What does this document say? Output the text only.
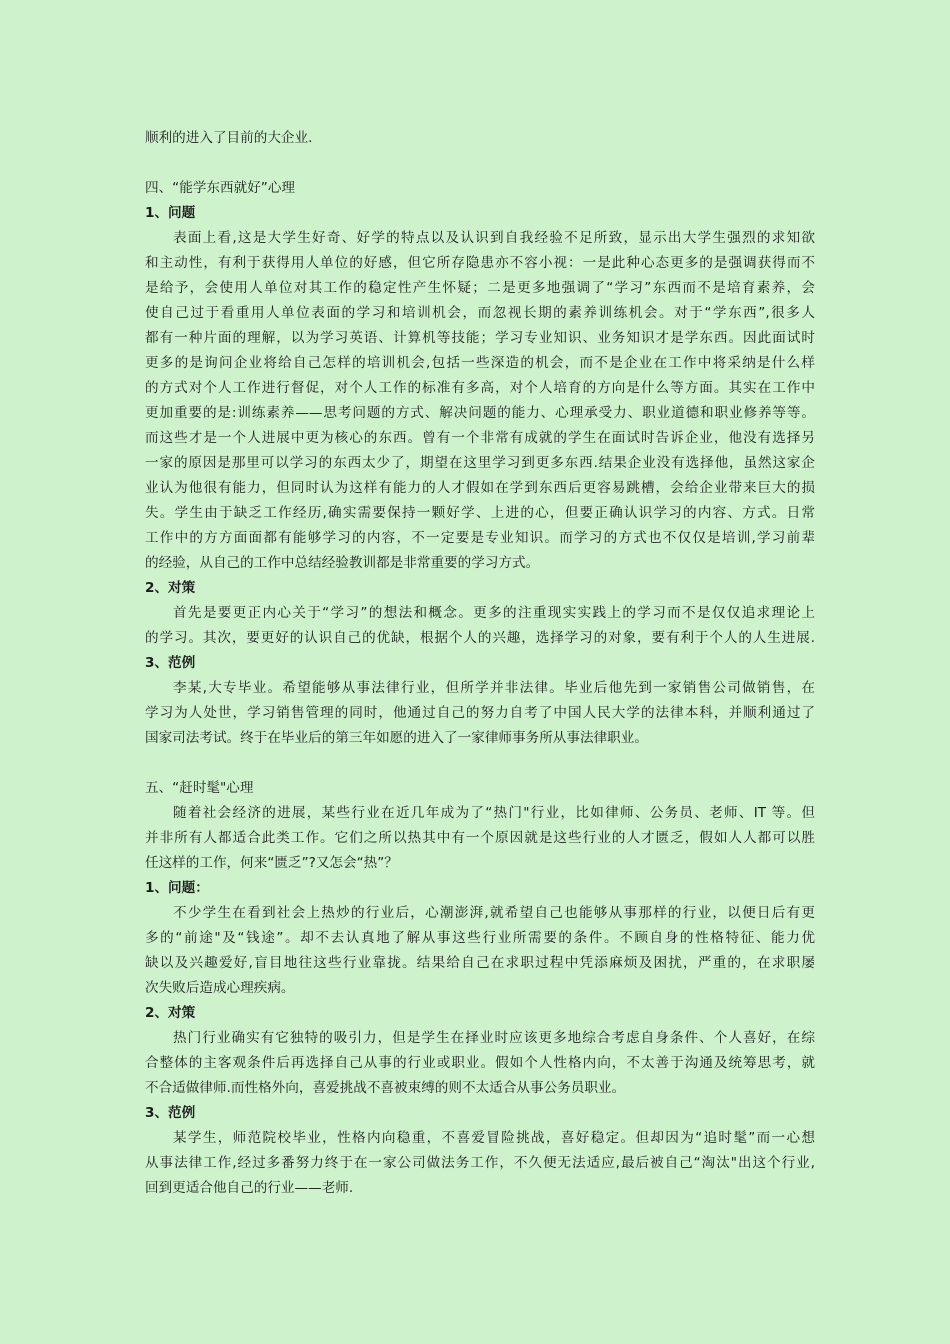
顺利的进入了目前的大企业.
四、“能学东西就好”心理
1、问题
表面上看,这是大学生好奇、好学的特点以及认识到自我经验不足所致，显示出大学生强烈的求知欲
和主动性，有利于获得用人单位的好感，但它所存隐患亦不容小视：一是此种心态更多的是强调获得而不
是给予，会使用人单位对其工作的稳定性产生怀疑；二是更多地强调了“学习”东西而不是培育素养，会
使自己过于看重用人单位表面的学习和培训机会，而忽视长期的素养训练机会。对于“学东西”,很多人
都有一种片面的理解，以为学习英语、计算机等技能；学习专业知识、业务知识才是学东西。因此面试时
更多的是询问企业将给自己怎样的培训机会,包括一些深造的机会，而不是企业在工作中将采纳是什么样
的方式对个人工作进行督促，对个人工作的标准有多高，对个人培育的方向是什么等方面。其实在工作中
更加重要的是:训练素养——思考问题的方式、解决问题的能力、心理承受力、职业道德和职业修养等等。
而这些才是一个人进展中更为核心的东西。曾有一个非常有成就的学生在面试时告诉企业，他没有选择另
一家的原因是那里可以学习的东西太少了，期望在这里学习到更多东西.结果企业没有选择他，虽然这家企
业认为他很有能力，但同时认为这样有能力的人才假如在学到东西后更容易跳槽，会给企业带来巨大的损
失。学生由于缺乏工作经历,确实需要保持一颗好学、上进的心，但要正确认识学习的内容、方式。日常
工作中的方方面面都有能够学习的内容，不一定要是专业知识。而学习的方式也不仅仅是培训,学习前辈
的经验，从自己的工作中总结经验教训都是非常重要的学习方式。
2、对策
首先是要更正内心关于“学习”的想法和概念。更多的注重现实实践上的学习而不是仅仅追求理论上
的学习。其次，要更好的认识自己的优缺，根据个人的兴趣，选择学习的对象，要有利于个人的人生进展.
3、范例
李某,大专毕业。希望能够从事法律行业，但所学并非法律。毕业后他先到一家销售公司做销售，在
学习为人处世，学习销售管理的同时，他通过自己的努力自考了中国人民大学的法律本科，并顺利通过了
国家司法考试。终于在毕业后的第三年如愿的进入了一家律师事务所从事法律职业。
五、“赶时髦"心理
随着社会经济的进展，某些行业在近几年成为了“热门"行业，比如律师、公务员、老师、IT 等。但
并非所有人都适合此类工作。它们之所以热其中有一个原因就是这些行业的人才匮乏，假如人人都可以胜
任这样的工作，何来“匮乏”?又怎会“热”？
1、问题：
不少学生在看到社会上热炒的行业后，心潮澎湃,就希望自己也能够从事那样的行业，以便日后有更
多的“前途"及“钱途”。却不去认真地了解从事这些行业所需要的条件。不顾自身的性格特征、能力优
缺以及兴趣爱好,盲目地往这些行业靠拢。结果给自己在求职过程中凭添麻烦及困扰，严重的，在求职屡
次失败后造成心理疾病。
2、对策
热门行业确实有它独特的吸引力，但是学生在择业时应该更多地综合考虑自身条件、个人喜好，在综
合整体的主客观条件后再选择自己从事的行业或职业。假如个人性格内向，不太善于沟通及统筹思考，就
不合适做律师.而性格外向，喜爱挑战不喜被束缚的则不太适合从事公务员职业。
3、范例
某学生，师范院校毕业，性格内向稳重，不喜爱冒险挑战，喜好稳定。但却因为“追时髦”而一心想
从事法律工作,经过多番努力终于在一家公司做法务工作，不久便无法适应,最后被自己“淘汰"出这个行业,
回到更适合他自己的行业——老师.
